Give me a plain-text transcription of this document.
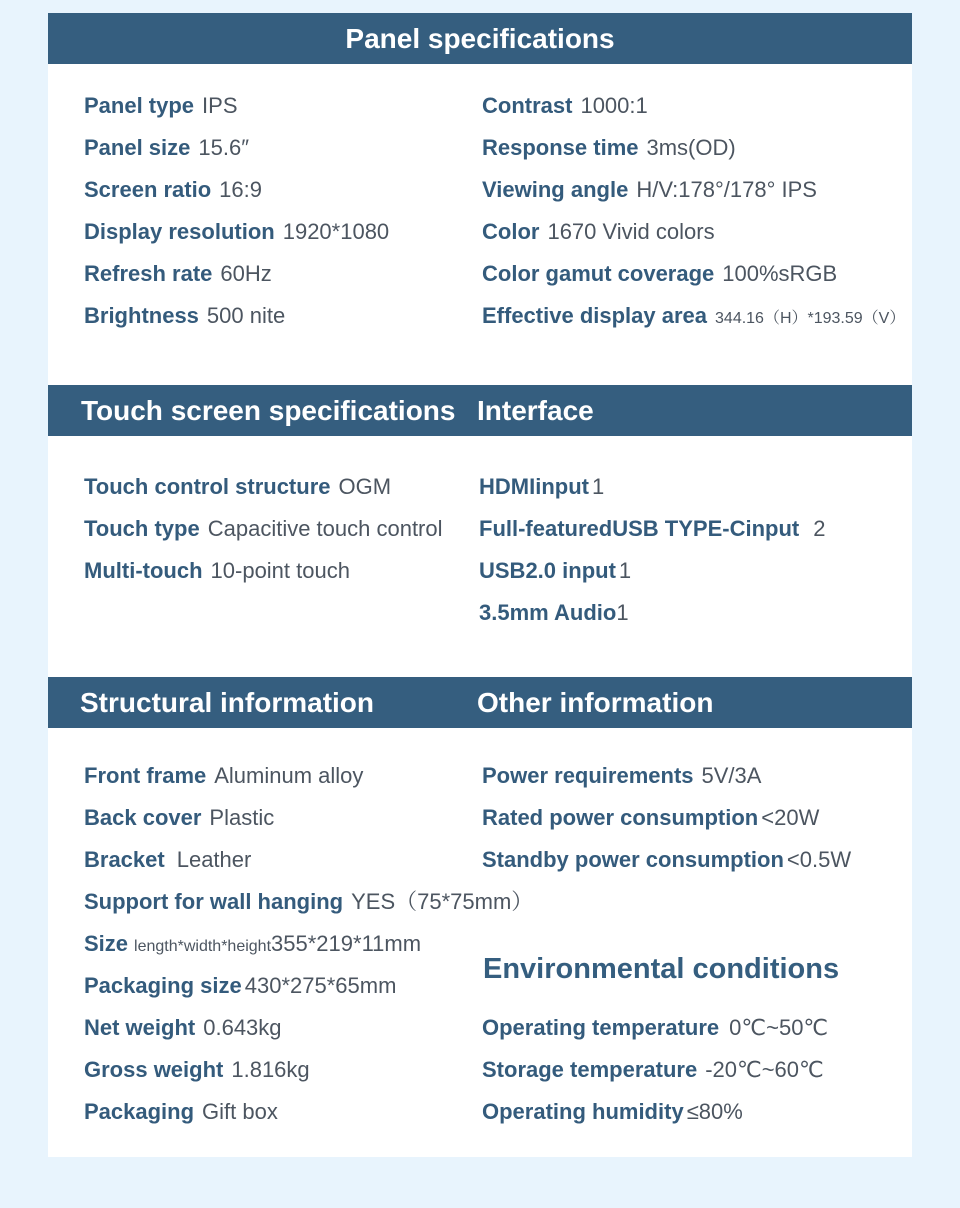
Panel specifications
Panel type IPS
Panel size 15.6″
Screen ratio 16:9
Display resolution 1920*1080
Refresh rate 60Hz
Brightness 500 nite
Contrast 1000:1
Response time 3ms(OD)
Viewing angle H/V:178°/178° IPS
Color 1670 Vivid colors
Color gamut coverage 100%sRGB
Effective display area 344.16（H）*193.59（V）
Touch screen specifications Interface
Touch control structure OGM
Touch type Capacitive touch control
Multi-touch 10-point touch
HDMIinput 1
Full-featuredUSB TYPE-Cinput 2
USB2.0 input 1
3.5mm Audio1
Structural information	Other information
Front frame Aluminum alloy
Back cover Plastic
Bracket Leather
Support for wall hanging YES（75*75mm）
Size length*width*height355*219*11mm
Packaging size 430*275*65mm
Net weight 0.643kg
Gross weight 1.816kg
Packaging Gift box
Power requirements 5V/3A
Rated power consumption <20W
Standby power consumption <0.5W
Environmental conditions
Operating temperature 0℃~50℃
Storage temperature -20℃~60℃
Operating humidity ≤80%
